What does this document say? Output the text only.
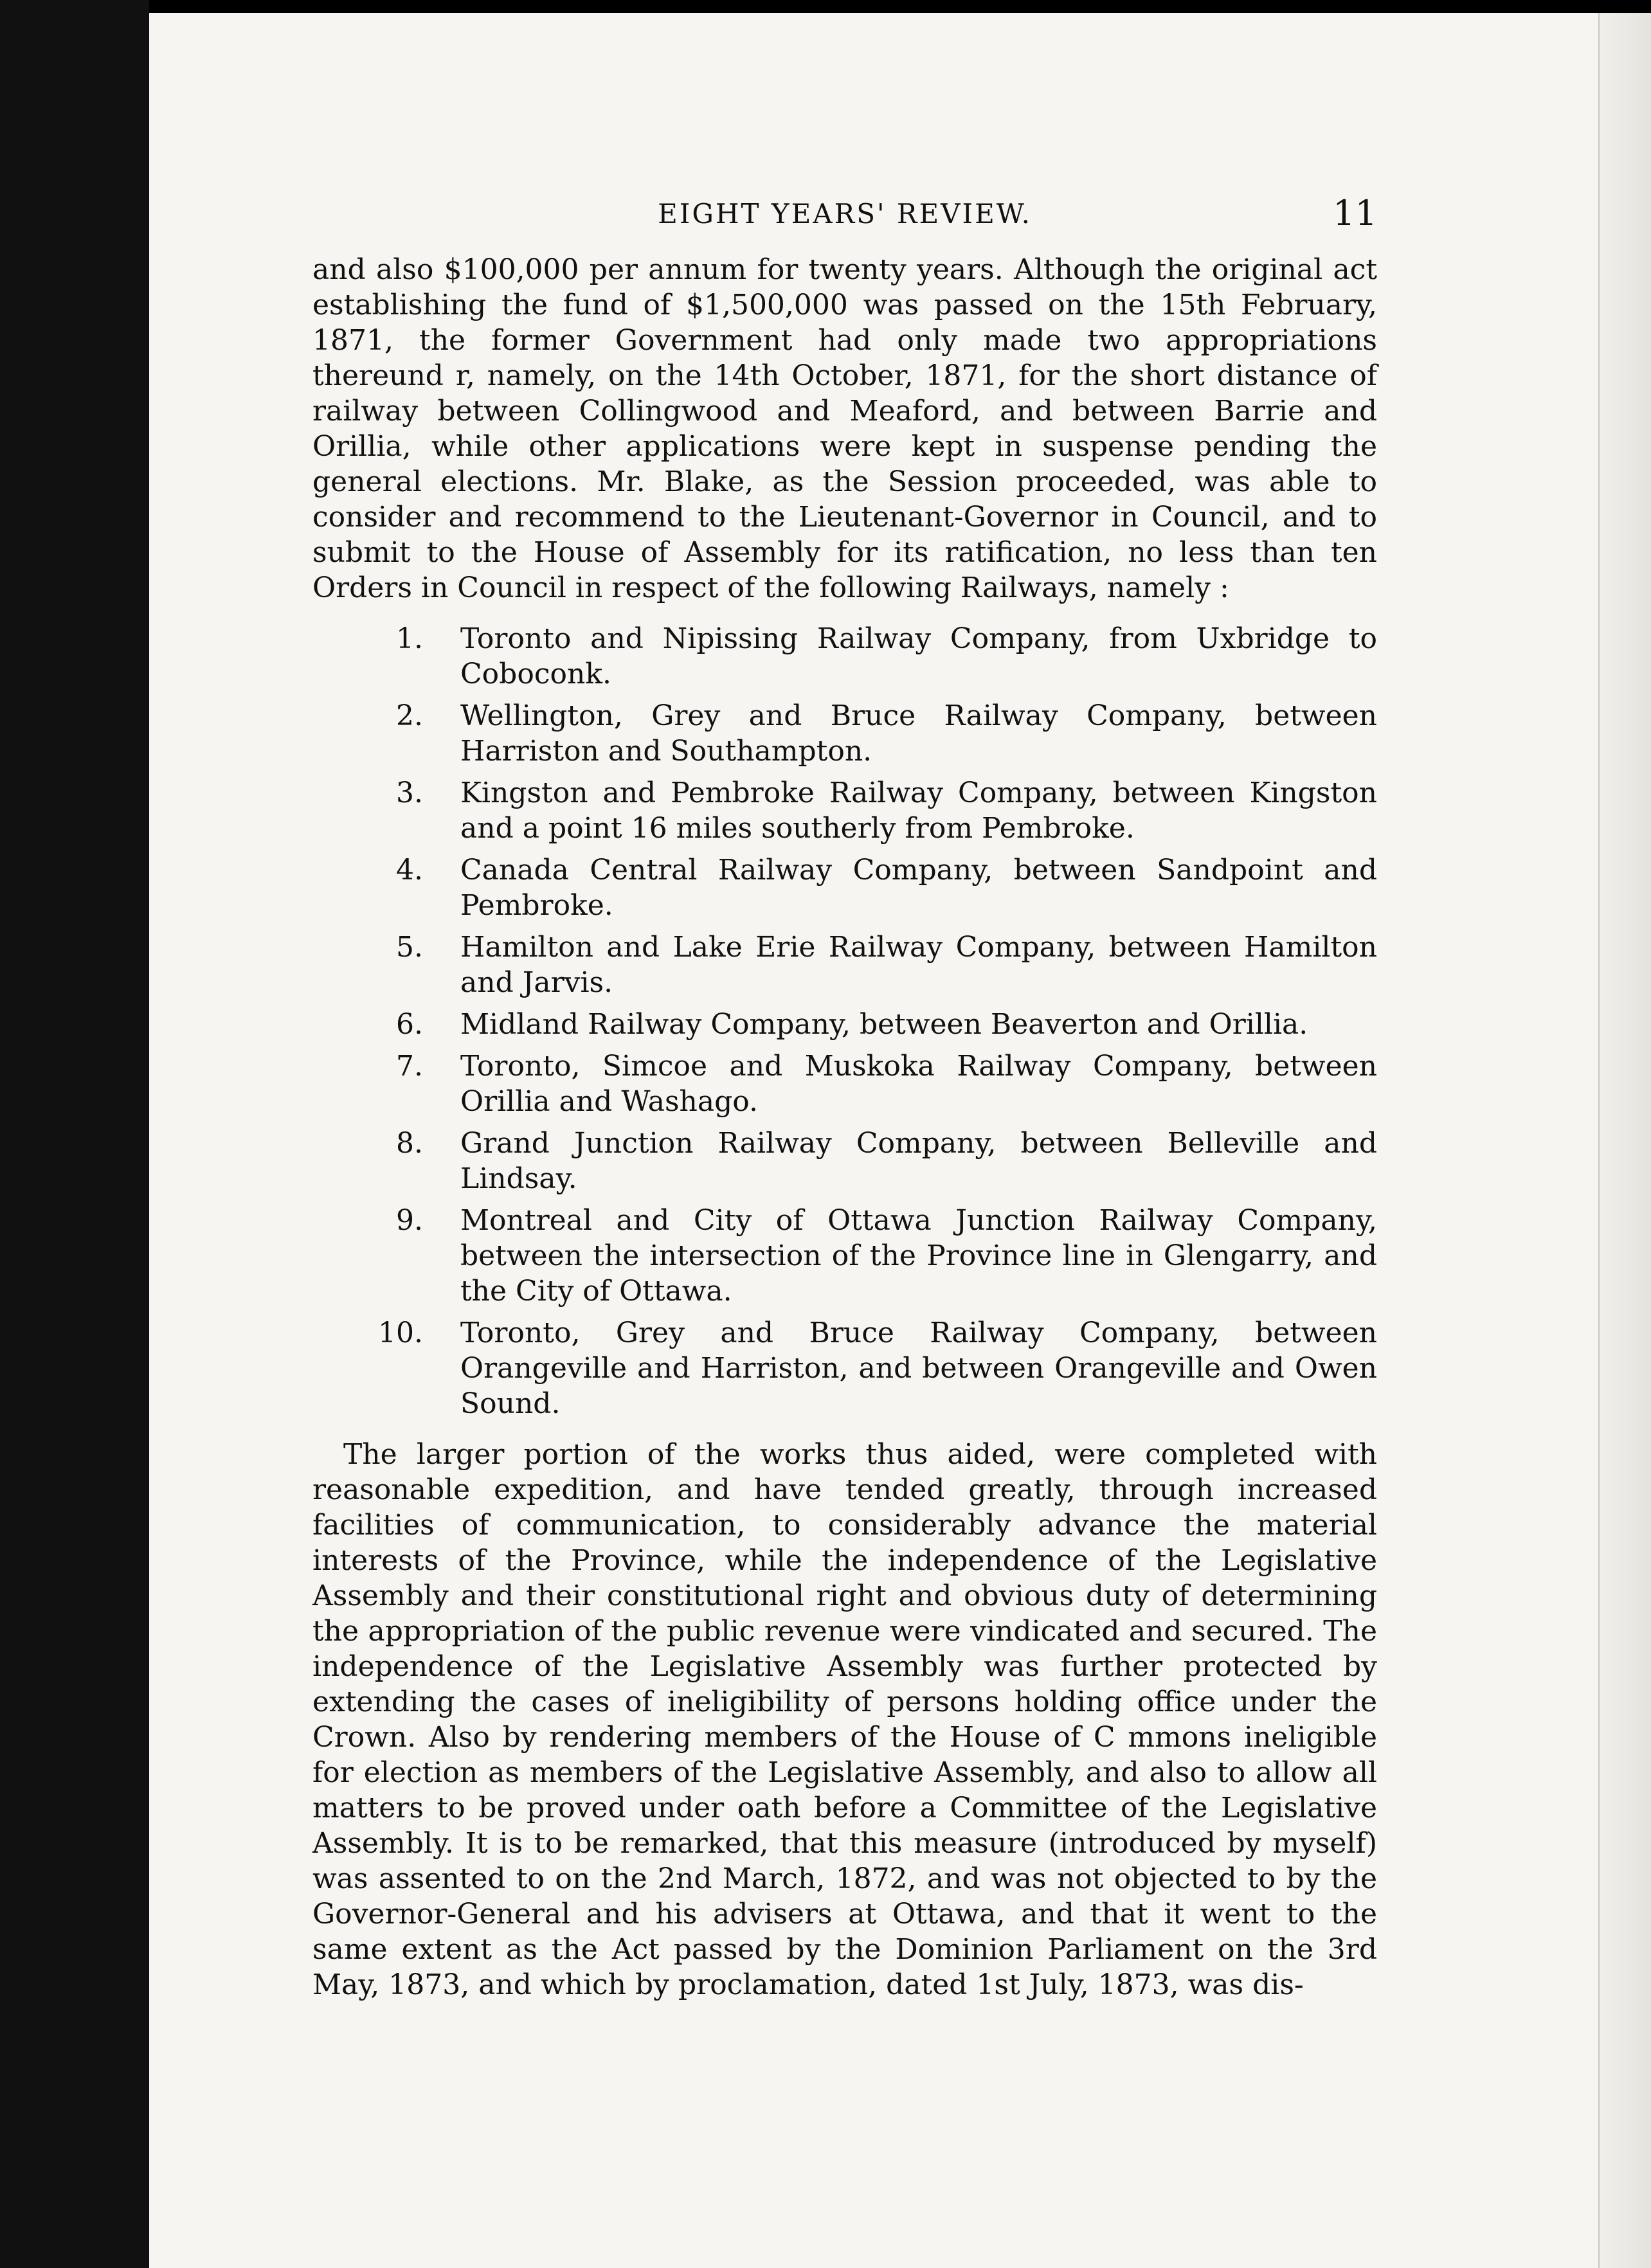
EIGHT YEARS' REVIEW.	11

and also $100,000 per annum for twenty years. Although the original act establishing the fund of $1,500,000 was passed on the 15th February, 1871, the former Government had only made two appropriations thereund r, namely, on the 14th October, 1871, for the short distance of railway between Collingwood and Meaford, and between Barrie and Orillia, while other applications were kept in suspense pending the general elections. Mr. Blake, as the Session proceeded, was able to consider and recommend to the Lieutenant-Governor in Council, and to submit to the House of Assembly for its ratification, no less than ten Orders in Council in respect of the following Railways, namely :

1.	Toronto and Nipissing Railway Company, from Uxbridge to Coboconk.
2.	Wellington, Grey and Bruce Railway Company, between Harriston and Southampton.
3.	Kingston and Pembroke Railway Company, between Kingston and a point 16 miles southerly from Pembroke.
4.	Canada Central Railway Company, between Sandpoint and Pembroke.
5.	Hamilton and Lake Erie Railway Company, between Hamilton and Jarvis.
6.	Midland Railway Company, between Beaverton and Orillia.
7.	Toronto, Simcoe and Muskoka Railway Company, between Orillia and Washago.
8.	Grand Junction Railway Company, between Belleville and Lindsay.
9.	Montreal and City of Ottawa Junction Railway Company, between the intersection of the Province line in Glengarry, and the City of Ottawa.
10.	Toronto, Grey and Bruce Railway Company, between Orangeville and Harriston, and between Orangeville and Owen Sound.

The larger portion of the works thus aided, were completed with reasonable expedition, and have tended greatly, through increased facilities of communication, to considerably advance the material interests of the Province, while the independence of the Legislative Assembly and their constitutional right and obvious duty of determining the appropriation of the public revenue were vindicated and secured. The independence of the Legislative Assembly was further protected by extending the cases of ineligibility of persons holding office under the Crown. Also by rendering members of the House of C mmons ineligible for election as members of the Legislative Assembly, and also to allow all matters to be proved under oath before a Committee of the Legislative Assembly. It is to be remarked, that this measure (introduced by myself) was assented to on the 2nd March, 1872, and was not objected to by the Governor-General and his advisers at Ottawa, and that it went to the same extent as the Act passed by the Dominion Parliament on the 3rd May, 1873, and which by proclamation, dated 1st July, 1873, was dis-
